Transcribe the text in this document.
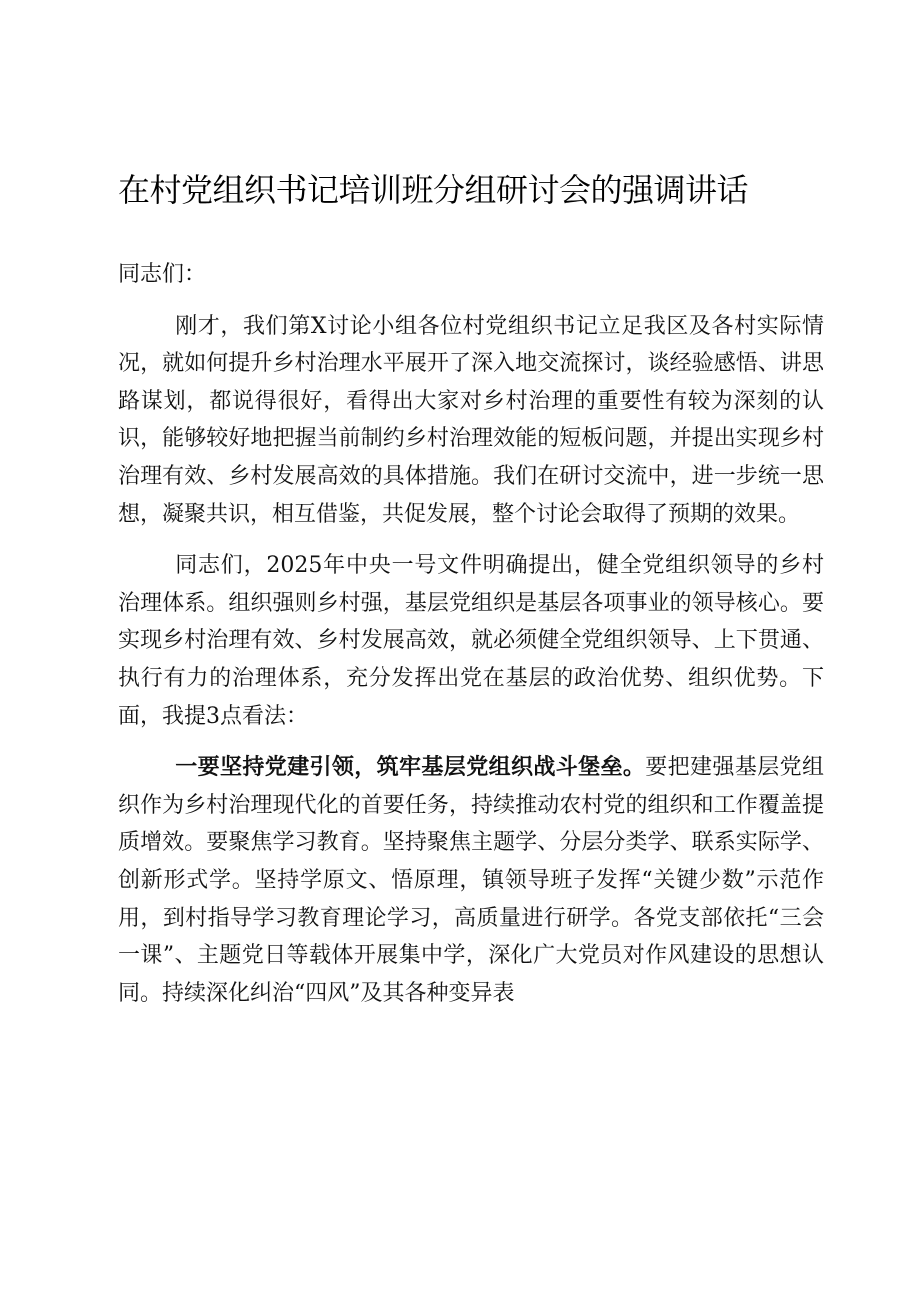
在村党组织书记培训班分组研讨会的强调讲话

同志们：

刚才，我们第X讨论小组各位村党组织书记立足我区及各村实际情况，就如何提升乡村治理水平展开了深入地交流探讨，谈经验感悟、讲思路谋划，都说得很好，看得出大家对乡村治理的重要性有较为深刻的认识，能够较好地把握当前制约乡村治理效能的短板问题，并提出实现乡村治理有效、乡村发展高效的具体措施。我们在研讨交流中，进一步统一思想，凝聚共识，相互借鉴，共促发展，整个讨论会取得了预期的效果。

同志们，2025年中央一号文件明确提出，健全党组织领导的乡村治理体系。组织强则乡村强，基层党组织是基层各项事业的领导核心。要实现乡村治理有效、乡村发展高效，就必须健全党组织领导、上下贯通、执行有力的治理体系，充分发挥出党在基层的政治优势、组织优势。下面，我提3点看法：

一要坚持党建引领，筑牢基层党组织战斗堡垒。要把建强基层党组织作为乡村治理现代化的首要任务，持续推动农村党的组织和工作覆盖提质增效。要聚焦学习教育。坚持聚焦主题学、分层分类学、联系实际学、创新形式学。坚持学原文、悟原理，镇领导班子发挥“关键少数”示范作用，到村指导学习教育理论学习，高质量进行研学。各党支部依托“三会一课”、主题党日等载体开展集中学，深化广大党员对作风建设的思想认同。持续深化纠治“四风”及其各种变异表
